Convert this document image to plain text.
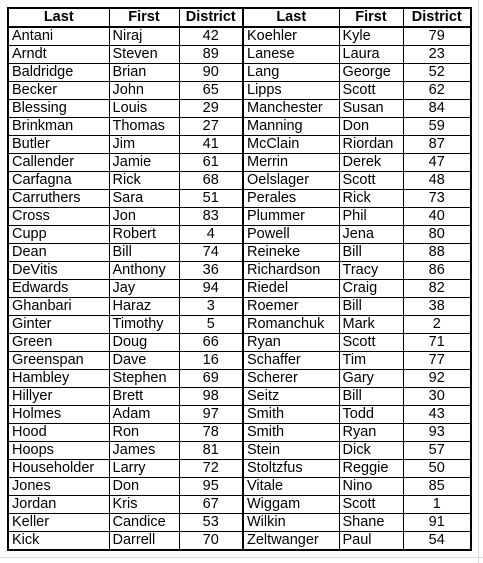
Last	First	District	Last	First	District
Antani	Niraj	42	Koehler	Kyle	79
Arndt	Steven	89	Lanese	Laura	23
Baldridge	Brian	90	Lang	George	52
Becker	John	65	Lipps	Scott	62
Blessing	Louis	29	Manchester	Susan	84
Brinkman	Thomas	27	Manning	Don	59
Butler	Jim	41	McClain	Riordan	87
Callender	Jamie	61	Merrin	Derek	47
Carfagna	Rick	68	Oelslager	Scott	48
Carruthers	Sara	51	Perales	Rick	73
Cross	Jon	83	Plummer	Phil	40
Cupp	Robert	4	Powell	Jena	80
Dean	Bill	74	Reineke	Bill	88
DeVitis	Anthony	36	Richardson	Tracy	86
Edwards	Jay	94	Riedel	Craig	82
Ghanbari	Haraz	3	Roemer	Bill	38
Ginter	Timothy	5	Romanchuk	Mark	2
Green	Doug	66	Ryan	Scott	71
Greenspan	Dave	16	Schaffer	Tim	77
Hambley	Stephen	69	Scherer	Gary	92
Hillyer	Brett	98	Seitz	Bill	30
Holmes	Adam	97	Smith	Todd	43
Hood	Ron	78	Smith	Ryan	93
Hoops	James	81	Stein	Dick	57
Householder	Larry	72	Stoltzfus	Reggie	50
Jones	Don	95	Vitale	Nino	85
Jordan	Kris	67	Wiggam	Scott	1
Keller	Candice	53	Wilkin	Shane	91
Kick	Darrell	70	Zeltwanger	Paul	54
